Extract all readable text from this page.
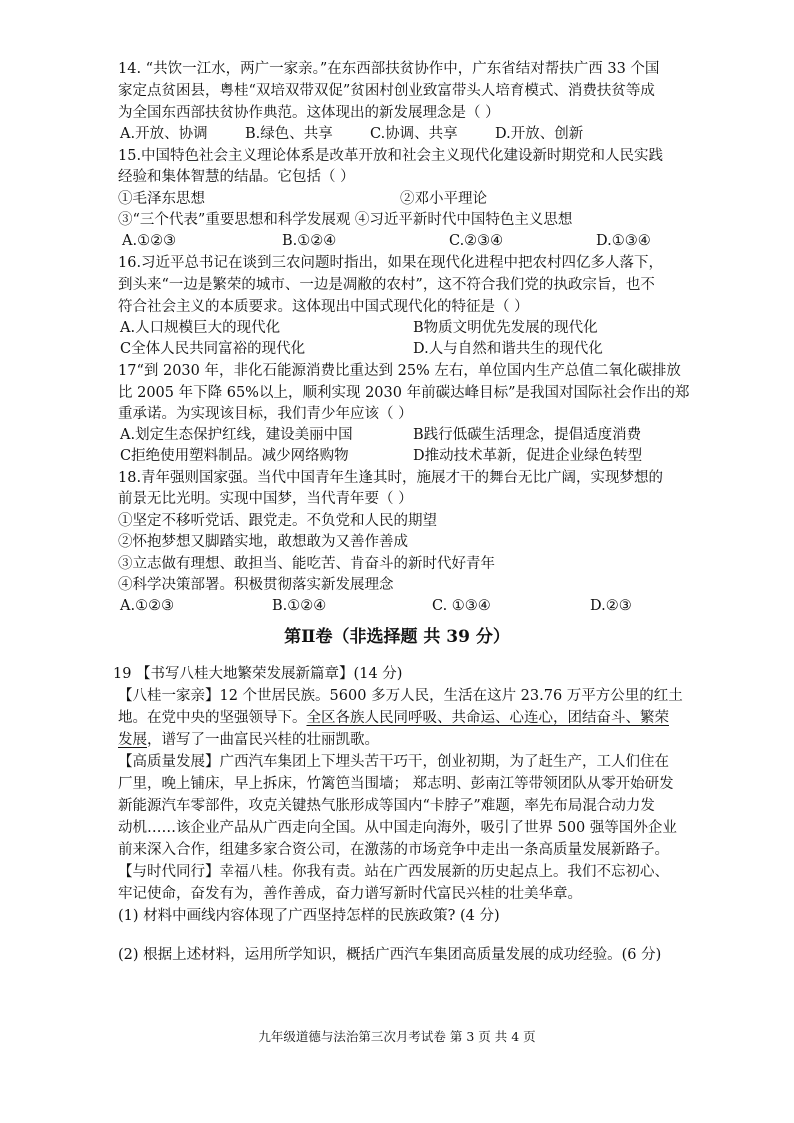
14. “共饮一江水，两广一家亲。”在东西部扶贫协作中，广东省结对帮扶广西 33 个国
家定点贫困县，粤桂“双培双带双促”贫困村创业致富带头人培育模式、消费扶贫等成
为全国东西部扶贫协作典范。这体现出的新发展理念是（ ）
A.开放、协调	B.绿色、共享	C.协调、共享	D.开放、创新
15.中国特色社会主义理论体系是改革开放和社会主义现代化建设新时期党和人民实践
经验和集体智慧的结晶。它包括（ ）
①毛泽东思想	②邓小平理论
③“三个代表”重要思想和科学发展观 ④习近平新时代中国特色主义思想
A.①②③	B.①②④	C.②③④	D.①③④
16.习近平总书记在谈到三农问题时指出，如果在现代化进程中把农村四亿多人落下，
到头来“一边是繁荣的城市、一边是凋敝的农村”，这不符合我们党的执政宗旨，也不
符合社会主义的本质要求。这体现出中国式现代化的特征是（ ）
A.人口规模巨大的现代化	B物质文明优先发展的现代化
C全体人民共同富裕的现代化	D.人与自然和谐共生的现代化
17“到 2030 年，非化石能源消费比重达到 25% 左右，单位国内生产总值二氧化碳排放
比 2005 年下降 65%以上，顺利实现 2030 年前碳达峰目标”是我国对国际社会作出的郑
重承诺。为实现该目标，我们青少年应该（ ）
A.划定生态保护红线，建设美丽中国	B践行低碳生活理念，提倡适度消费
C拒绝使用塑料制品。减少网络购物	D推动技术革新，促进企业绿色转型
18.青年强则国家强。当代中国青年生逢其时，施展才干的舞台无比广阔，实现梦想的
前景无比光明。实现中国梦，当代青年要（ ）
①坚定不移听党话、跟党走。不负党和人民的期望
②怀抱梦想又脚踏实地，敢想敢为又善作善成
③立志做有理想、敢担当、能吃苦、肯奋斗的新时代好青年
④科学决策部署。积极贯彻落实新发展理念
A.①②③	B.①②④	C. ①③④	D.②③
第Ⅱ卷（非选择题 共 39 分）
19 【书写八桂大地繁荣发展新篇章】(14 分)
【八桂一家亲】12 个世居民族。5600 多万人民，生活在这片 23.76 万平方公里的红土
地。在党中央的坚强领导下。全区各族人民同呼吸、共命运、心连心，团结奋斗、繁荣
发展，谱写了一曲富民兴桂的壮丽凯歌。
【高质量发展】广西汽车集团上下埋头苦干巧干，创业初期，为了赶生产，工人们住在
厂里，晚上铺床，早上拆床，竹篱笆当围墙； 郑志明、彭南江等带领团队从零开始研发
新能源汽车零部件，攻克关键热气胀形成等国内“卡脖子”难题，率先布局混合动力发
动机……该企业产品从广西走向全国。从中国走向海外，吸引了世界 500 强等国外企业
前来深入合作，组建多家合资公司，在激荡的市场竞争中走出一条高质量发展新路子。
【与时代同行】幸福八桂。你我有责。站在广西发展新的历史起点上。我们不忘初心、
牢记使命，奋发有为，善作善成，奋力谱写新时代富民兴桂的壮美华章。
(1) 材料中画线内容体现了广西坚持怎样的民族政策? (4 分)
(2) 根据上述材料，运用所学知识，概括广西汽车集团高质量发展的成功经验。(6 分)
九年级道德与法治第三次月考试卷 第 3 页 共 4 页
